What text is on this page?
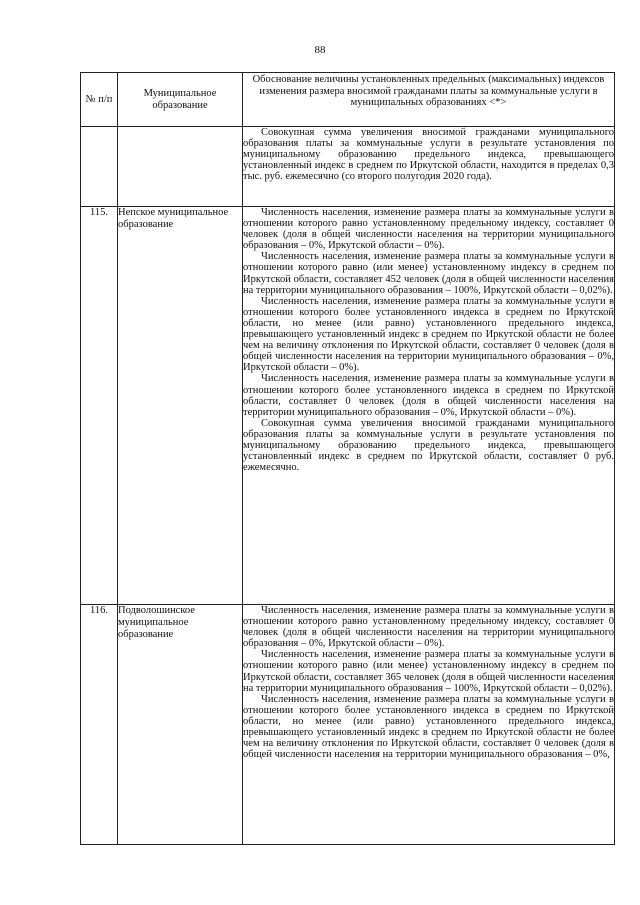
88
№ п/п	Муниципальное образование	Обоснование величины установленных предельных (максимальных) индексов изменения размера вносимой гражданами платы за коммунальные услуги в муниципальных образованиях <*>

		Совокупная сумма увеличения вносимой гражданами муниципального образования платы за коммунальные услуги в результате установления по муниципальному образованию предельного индекса, превышающего установленный индекс в среднем по Иркутской области, находится в пределах 0,3 тыс. руб. ежемесячно (со второго полугодия 2020 года).

115.	Непское муниципальное образование	Численность населения, изменение размера платы за коммунальные услуги в отношении которого равно установленному предельному индексу, составляет 0 человек (доля в общей численности населения на территории муниципального образования – 0%, Иркутской области – 0%).

Численность населения, изменение размера платы за коммунальные услуги в отношении которого равно (или менее) установленному индексу в среднем по Иркутской области, составляет 452 человек (доля в общей численности населения на территории муниципального образования – 100%, Иркутской области – 0,02%).

Численность населения, изменение размера платы за коммунальные услуги в отношении которого более установленного индекса в среднем по Иркутской области, но менее (или равно) установленного предельного индекса, превышающего установленный индекс в среднем по Иркутской области не более чем на величину отклонения по Иркутской области, составляет 0 человек (доля в общей численности населения на территории муниципального образования – 0%, Иркутской области – 0%).

Численность населения, изменение размера платы за коммунальные услуги в отношении которого более установленного индекса в среднем по Иркутской области, составляет 0 человек (доля в общей численности населения на территории муниципального образования – 0%, Иркутской области – 0%).

Совокупная сумма увеличения вносимой гражданами муниципального образования платы за коммунальные услуги в результате установления по муниципальному образованию предельного индекса, превышающего установленный индекс в среднем по Иркутской области, составляет 0 руб. ежемесячно.

116.	Подволошинское муниципальное образование	Численность населения, изменение размера платы за коммунальные услуги в отношении которого равно установленному предельному индексу, составляет 0 человек (доля в общей численности населения на территории муниципального образования – 0%, Иркутской области – 0%).

Численность населения, изменение размера платы за коммунальные услуги в отношении которого равно (или менее) установленному индексу в среднем по Иркутской области, составляет 365 человек (доля в общей численности населения на территории муниципального образования – 100%, Иркутской области – 0,02%).

Численность населения, изменение размера платы за коммунальные услуги в отношении которого более установленного индекса в среднем по Иркутской области, но менее (или равно) установленного предельного индекса, превышающего установленный индекс в среднем по Иркутской области не более чем на величину отклонения по Иркутской области, составляет 0 человек (доля в общей численности населения на территории муниципального образования – 0%,
